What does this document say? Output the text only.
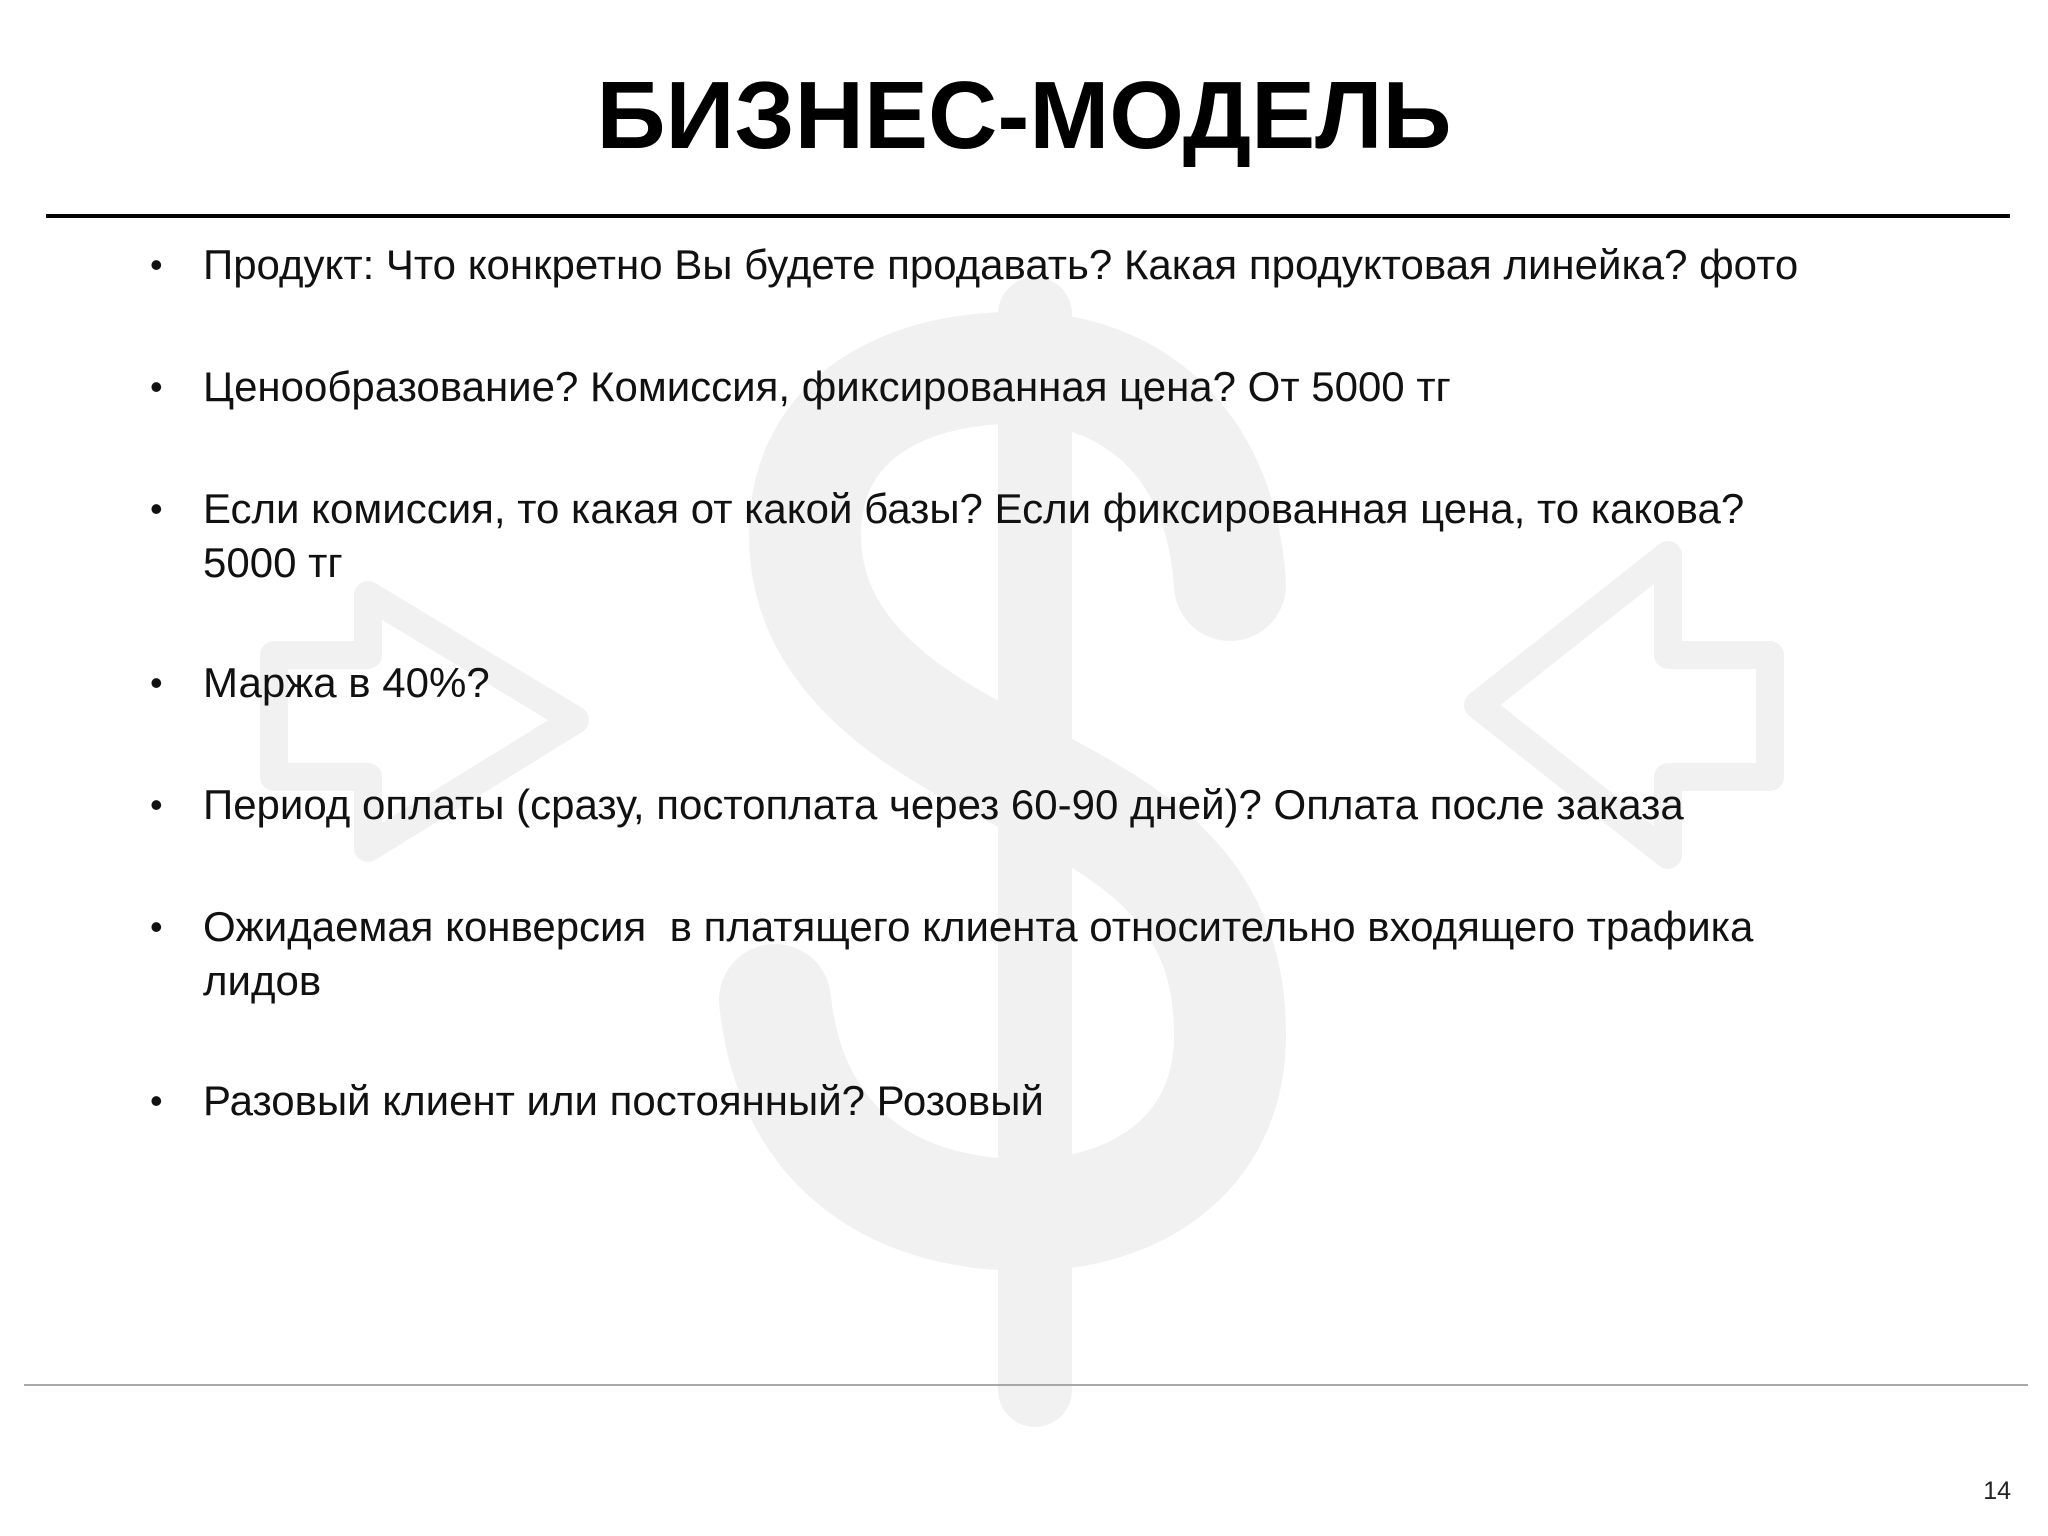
БИЗНЕС-МОДЕЛЬ
• Продукт: Что конкретно Вы будете продавать? Какая продуктовая линейка? фото
• Ценообразование? Комиссия, фиксированная цена? От 5000 тг
• Если комиссия, то какая от какой базы? Если фиксированная цена, то какова?
5000 тг
• Маржа в 40%?
• Период оплаты (сразу, постоплата через 60-90 дней)? Оплата после заказа
• Ожидаемая конверсия  в платящего клиента относительно входящего трафика
лидов
• Разовый клиент или постоянный? Розовый
14
